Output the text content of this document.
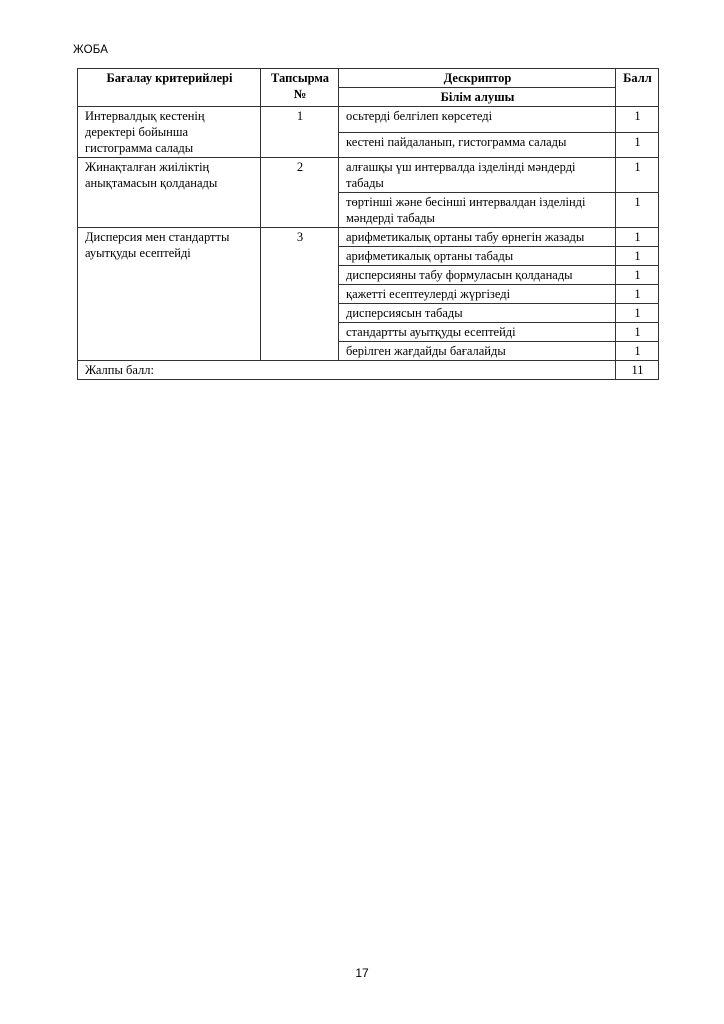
ЖОБА
Бағалау критерийлері	Тапсырма №	Дескриптор	Балл
		Білім алушы	
Интервалдық кестенің деректері бойынша гистограмма салады	1	осьтерді белгілеп көрсетеді	1
		кестені пайдаланып, гистограмма салады	1
Жинақталған жиіліктің анықтамасын қолданады	2	алғашқы үш интервалда ізделінді мәндерді табады	1
		төртінші және бесінші интервалдан ізделінді мәндерді табады	1
Дисперсия мен стандартты ауытқуды есептейді	3	арифметикалық ортаны табу өрнегін жазады	1
		арифметикалық ортаны табады	1
		дисперсияны табу формуласын қолданады	1
		қажетті есептеулерді жүргізеді	1
		дисперсиясын табады	1
		стандартты ауытқуды есептейді	1
		берілген жағдайды бағалайды	1
Жалпы балл:			11
17
